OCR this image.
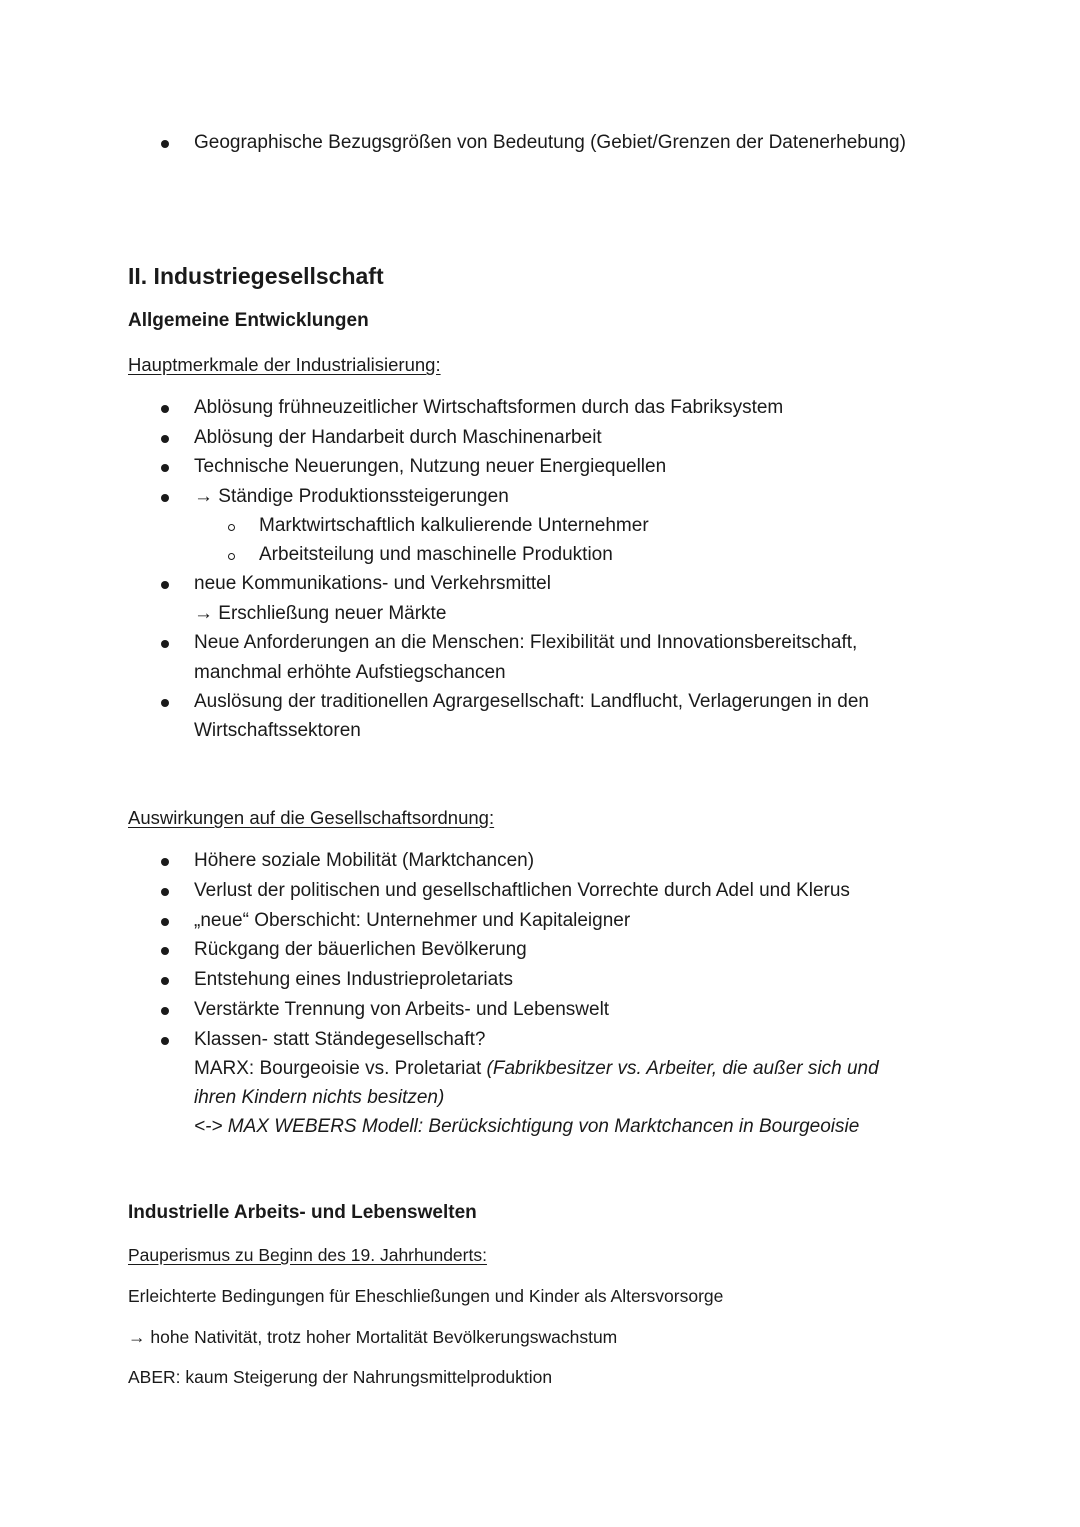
Geographische Bezugsgrößen von Bedeutung (Gebiet/Grenzen der Datenerhebung)
II. Industriegesellschaft
Allgemeine Entwicklungen
Hauptmerkmale der Industrialisierung:
Ablösung frühneuzeitlicher Wirtschaftsformen durch das Fabriksystem
Ablösung der Handarbeit durch Maschinenarbeit
Technische Neuerungen, Nutzung neuer Energiequellen
→ Ständige Produktionssteigerungen
Marktwirtschaftlich kalkulierende Unternehmer
Arbeitsteilung und maschinelle Produktion
neue Kommunikations- und Verkehrsmittel
→ Erschließung neuer Märkte
Neue Anforderungen an die Menschen: Flexibilität und Innovationsbereitschaft,
manchmal erhöhte Aufstiegschancen
Auslösung der traditionellen Agrargesellschaft: Landflucht, Verlagerungen in den
Wirtschaftssektoren
Auswirkungen auf die Gesellschaftsordnung:
Höhere soziale Mobilität (Marktchancen)
Verlust der politischen und gesellschaftlichen Vorrechte durch Adel und Klerus
„neue“ Oberschicht: Unternehmer und Kapitaleigner
Rückgang der bäuerlichen Bevölkerung
Entstehung eines Industrieproletariats
Verstärkte Trennung von Arbeits- und Lebenswelt
Klassen- statt Ständegesellschaft?
MARX: Bourgeoisie vs. Proletariat (Fabrikbesitzer vs. Arbeiter, die außer sich und
ihren Kindern nichts besitzen)
<-> MAX WEBERS Modell: Berücksichtigung von Marktchancen in Bourgeoisie
Industrielle Arbeits- und Lebenswelten
Pauperismus zu Beginn des 19. Jahrhunderts:
Erleichterte Bedingungen für Eheschließungen und Kinder als Altersvorsorge
→ hohe Nativität, trotz hoher Mortalität Bevölkerungswachstum
ABER: kaum Steigerung der Nahrungsmittelproduktion
